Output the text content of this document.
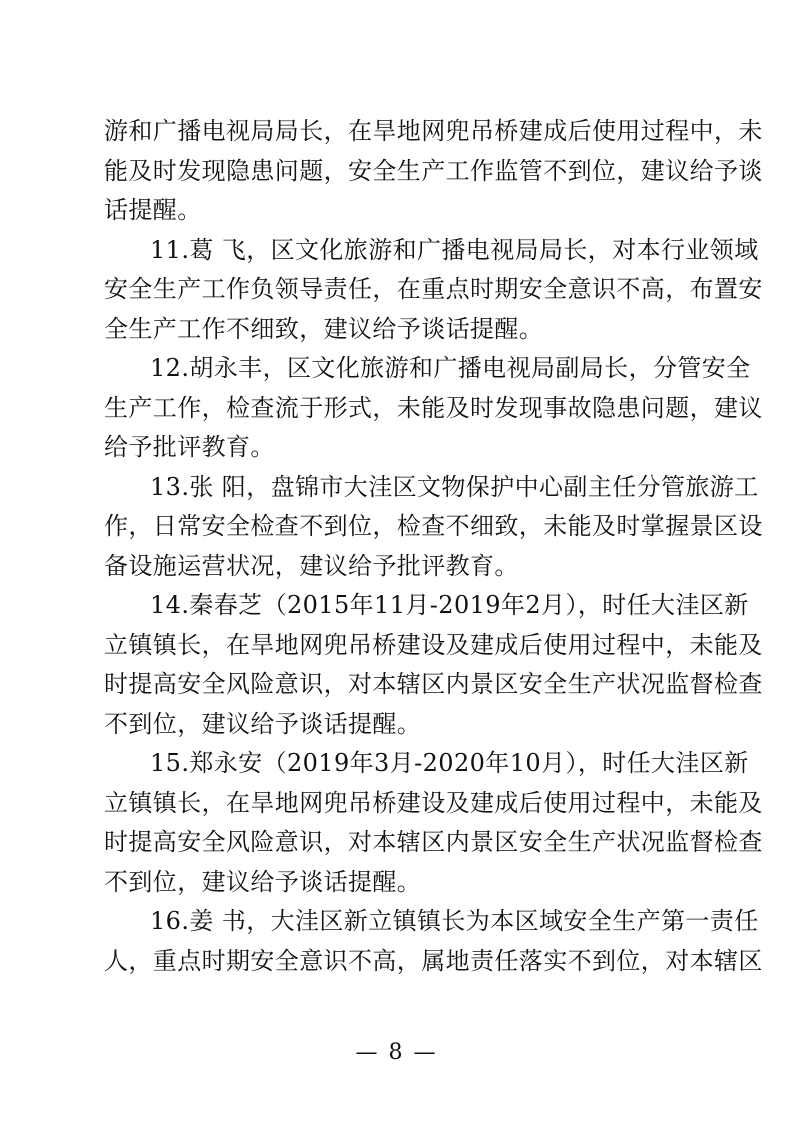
游和广播电视局局长，在旱地网兜吊桥建成后使用过程中，未
能及时发现隐患问题，安全生产工作监管不到位，建议给予谈
话提醒。
11.葛 飞，区文化旅游和广播电视局局长，对本行业领域
安全生产工作负领导责任，在重点时期安全意识不高，布置安
全生产工作不细致，建议给予谈话提醒。
12.胡永丰，区文化旅游和广播电视局副局长，分管安全
生产工作，检查流于形式，未能及时发现事故隐患问题，建议
给予批评教育。
13.张 阳，盘锦市大洼区文物保护中心副主任分管旅游工
作，日常安全检查不到位，检查不细致，未能及时掌握景区设
备设施运营状况，建议给予批评教育。
14.秦春芝（2015年11月-2019年2月），时任大洼区新
立镇镇长，在旱地网兜吊桥建设及建成后使用过程中，未能及
时提高安全风险意识，对本辖区内景区安全生产状况监督检查
不到位，建议给予谈话提醒。
15.郑永安（2019年3月-2020年10月），时任大洼区新
立镇镇长，在旱地网兜吊桥建设及建成后使用过程中，未能及
时提高安全风险意识，对本辖区内景区安全生产状况监督检查
不到位，建议给予谈话提醒。
16.姜 书，大洼区新立镇镇长为本区域安全生产第一责任
人，重点时期安全意识不高，属地责任落实不到位，对本辖区
— 8 —
